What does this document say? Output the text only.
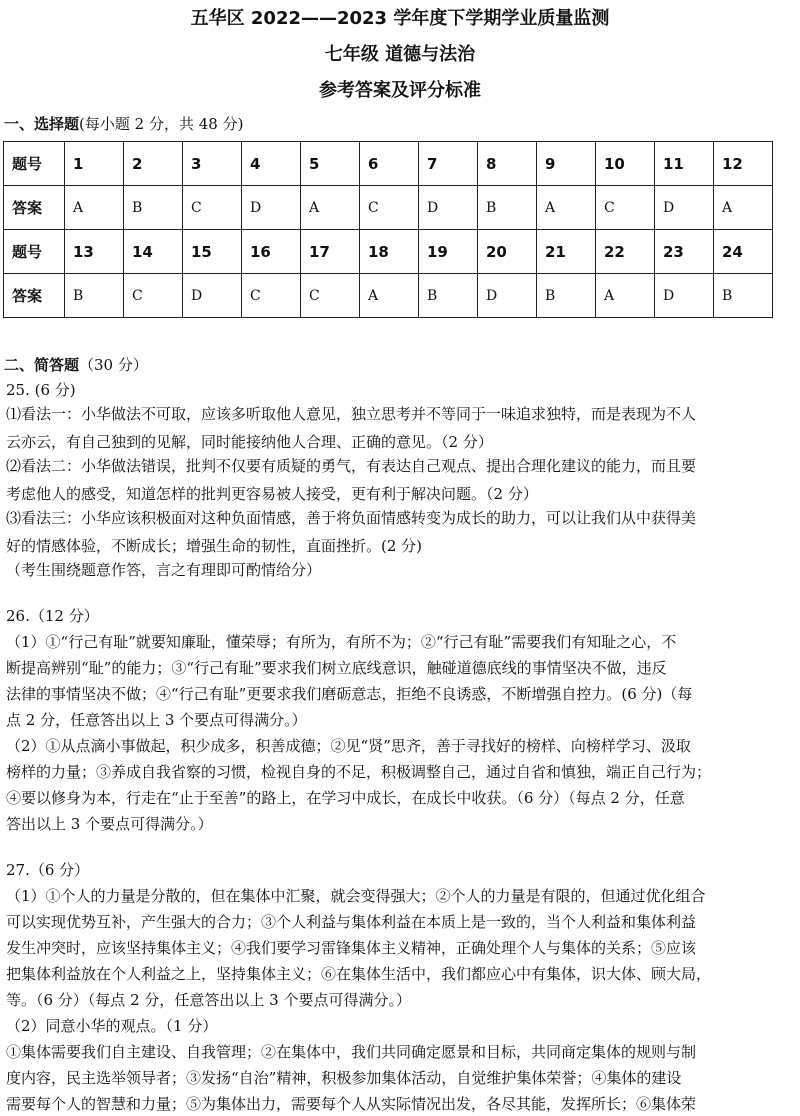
五华区 2022——2023 学年度下学期学业质量监测
七年级 道德与法治
参考答案及评分标准
一、选择题(每小题 2 分，共 48 分)
题号	1	2	3	4	5	6	7	8	9	10	11	12
答案	A	B	C	D	A	C	D	B	A	C	D	A
题号	13	14	15	16	17	18	19	20	21	22	23	24
答案	B	C	D	C	C	A	B	D	B	A	D	B
二、简答题（30 分）
25. (6 分)
⑴看法一：小华做法不可取，应该多听取他人意见，独立思考并不等同于一味追求独特，而是表现为不人
云亦云，有自己独到的见解，同时能接纳他人合理、正确的意见。（2 分）
⑵看法二：小华做法错误，批判不仅要有质疑的勇气，有表达自己观点、提出合理化建议的能力，而且要
考虑他人的感受，知道怎样的批判更容易被人接受，更有利于解决问题。（2 分）
⑶看法三：小华应该积极面对这种负面情感，善于将负面情感转变为成长的助力，可以让我们从中获得美
好的情感体验，不断成长；增强生命的韧性，直面挫折。(2 分)
（考生围绕题意作答，言之有理即可酌情给分）
26.（12 分）
（1）①“行己有耻”就要知廉耻，懂荣辱；有所为，有所不为；②“行己有耻”需要我们有知耻之心，不
断提高辨别“耻”的能力；③“行己有耻”要求我们树立底线意识，触碰道德底线的事情坚决不做，违反
法律的事情坚决不做；④“行己有耻”更要求我们磨砺意志，拒绝不良诱惑，不断增强自控力。(6 分)（每
点 2 分，任意答出以上 3 个要点可得满分。）
（2）①从点滴小事做起，积少成多，积善成德；②见“贤”思齐，善于寻找好的榜样、向榜样学习、汲取
榜样的力量；③养成自我省察的习惯，检视自身的不足，积极调整自己，通过自省和慎独，端正自己行为；
④要以修身为本，行走在“止于至善”的路上，在学习中成长，在成长中收获。（6 分）（每点 2 分，任意
答出以上 3 个要点可得满分。）
27.（6 分）
（1）①个人的力量是分散的，但在集体中汇聚，就会变得强大；②个人的力量是有限的，但通过优化组合
可以实现优势互补，产生强大的合力；③个人利益与集体利益在本质上是一致的，当个人利益和集体利益
发生冲突时，应该坚持集体主义；④我们要学习雷锋集体主义精神，正确处理个人与集体的关系；⑤应该
把集体利益放在个人利益之上，坚持集体主义；⑥在集体生活中，我们都应心中有集体，识大体、顾大局，
等。（6 分）（每点 2 分，任意答出以上 3 个要点可得满分。）
（2）同意小华的观点。（1 分）
①集体需要我们自主建设、自我管理；②在集体中，我们共同确定愿景和目标，共同商定集体的规则与制
度内容，民主选举领导者；③发扬“自治”精神，积极参加集体活动，自觉维护集体荣誉；④集体的建设
需要每个人的智慧和力量；⑤为集体出力，需要每个人从实际情况出发，各尽其能，发挥所长；⑥集体荣
